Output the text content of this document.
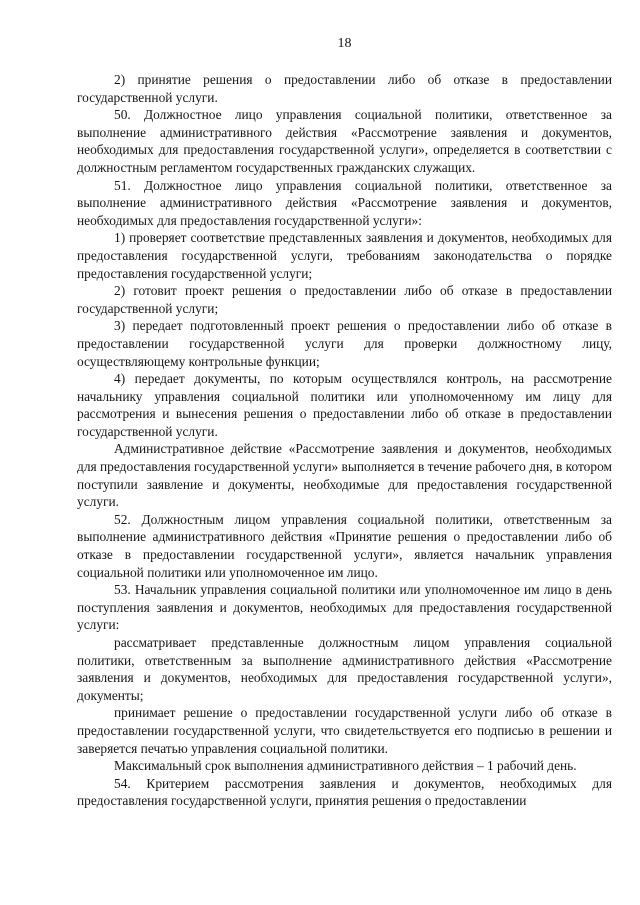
18

2) принятие решения о предоставлении либо об отказе в предоставлении государственной услуги.

50. Должностное лицо управления социальной политики, ответственное за выполнение административного действия «Рассмотрение заявления и документов, необходимых для предоставления государственной услуги», определяется в соответствии с должностным регламентом государственных гражданских служащих.

51. Должностное лицо управления социальной политики, ответственное за выполнение административного действия «Рассмотрение заявления и документов, необходимых для предоставления государственной услуги»:

1) проверяет соответствие представленных заявления и документов, необходимых для предоставления государственной услуги, требованиям законодательства о порядке предоставления государственной услуги;

2) готовит проект решения о предоставлении либо об отказе в предоставлении государственной услуги;

3) передает подготовленный проект решения о предоставлении либо об отказе в предоставлении государственной услуги для проверки должностному лицу, осуществляющему контрольные функции;

4) передает документы, по которым осуществлялся контроль, на рассмотрение начальнику управления социальной политики или уполномоченному им лицу для рассмотрения и вынесения решения о предоставлении либо об отказе в предоставлении государственной услуги.

Административное действие «Рассмотрение заявления и документов, необходимых для предоставления государственной услуги» выполняется в течение рабочего дня, в котором поступили заявление и документы, необходимые для предоставления государственной услуги.

52. Должностным лицом управления социальной политики, ответственным за выполнение административного действия «Принятие решения о предоставлении либо об отказе в предоставлении государственной услуги», является начальник управления социальной политики или уполномоченное им лицо.

53. Начальник управления социальной политики или уполномоченное им лицо в день поступления заявления и документов, необходимых для предоставления государственной услуги:

рассматривает представленные должностным лицом управления социальной политики, ответственным за выполнение административного действия «Рассмотрение заявления и документов, необходимых для предоставления государственной услуги», документы;

принимает решение о предоставлении государственной услуги либо об отказе в предоставлении государственной услуги, что свидетельствуется его подписью в решении и заверяется печатью управления социальной политики.

Максимальный срок выполнения административного действия – 1 рабочий день.

54. Критерием рассмотрения заявления и документов, необходимых для предоставления государственной услуги, принятия решения о предоставлении
